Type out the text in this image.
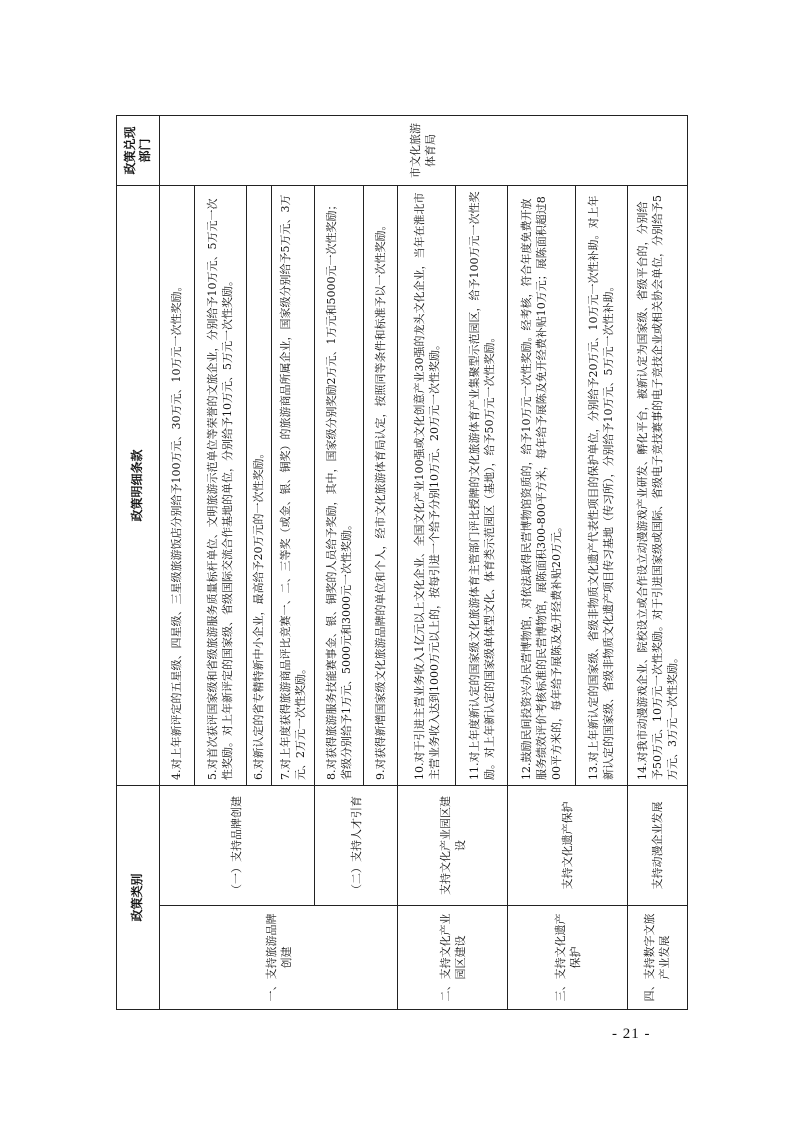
政策类别		政策明细条款	政策兑现部门
一、支持旅游品牌创建	（一）支持品牌创建	4.对上年新评定的五星级、四星级、三星级旅游饭店分别给予100万元、30万元、10万元一次性奖励。	市文化旅游体育局
		5.对首次获评国家级和省级旅游服务质量标杆单位、文明旅游示范单位等荣誉的文旅企业，分别给予10万元、5万元一次性奖励。对上年新评定的国家级、省级国际交流合作基地的单位，分别给予10万元、5万元一次性奖励。	
		6.对新认定的省专精特新中小企业，最高给予20万元的一次性奖励。	
		7.对上年度获得旅游商品评比竞赛一、二、三等奖（或金、银、铜奖）的旅游商品所属企业，国家级分别给予5万元、3万元、2万元一次性奖励。	
	（二）支持人才引育	8.对获得旅游服务技能赛事金、银、铜奖的人员给予奖励，其中，国家级分别奖励2万元、1万元和5000元一次性奖励；省级分别给予1万元、5000元和3000元一次性奖励。	
		9.对获得新增国家级文化旅游品牌的单位和个人，经市文化旅游体育局认定，按照同等条件和标准予以一次性奖励。	
二、支持文化产业园区建设	支持文化产业园区建设	10.对于引进主营业务收入1亿元以上文化企业、全国文化产业100强或文化创意产业30强的龙头文化企业，当年在淮北市主营业务收入达到1000万元以上的，按每引进一个给予分别10万元、20万元一次性奖励。	
		11.对上年度新认定的国家级文化旅游体育主管部门评比授牌的文化旅游体育产业集聚型示范园区，给予100万元一次性奖励。对上年新认定的国家级单体型文化、体育类示范园区（基地），给予50万元一次性奖励。	
三、支持文化遗产保护	支持文化遗产保护	12.鼓励民间投资兴办民营博物馆，对依法取得民营博物馆资质的，给予10万元一次性奖励。经考核，符合年度免费开放服务绩效评价考核标准的民营博物馆，展陈面积300-800平方米，每年给予展陈及免开经费补贴10万元；展陈面积超过800平方米的，每年给予展陈及免开经费补贴20万元。	
		13.对上年新认定的国家级、省级非物质文化遗产代表性项目的保护单位，分别给予20万元、10万元一次性补助。对上年新认定的国家级、省级非物质文化遗产项目传习基地（传习所），分别给予10万元、5万元一次性补助。	
四、支持数字文旅产业发展	支持动漫企业发展	14.对我市动漫游戏企业、院校设立或合作设立动漫游戏产业研发、孵化平台，被新认定为国家级、省级平台的，分别给予50万元、10万元一次性奖励。对于引进国家级或国际、省级电子竞技赛事的电子竞技企业或相关协会单位，分别给予5万元、3万元一次性奖励。	
- 21 -
